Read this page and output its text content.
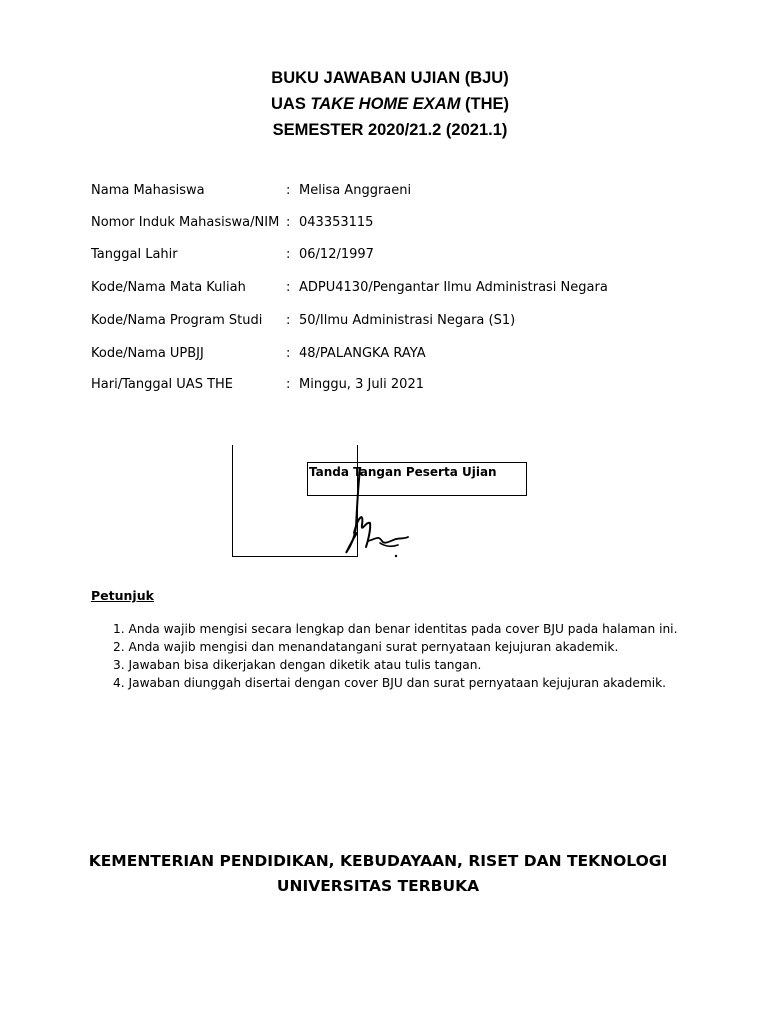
BUKU JAWABAN UJIAN (BJU)
UAS TAKE HOME EXAM (THE)
SEMESTER 2020/21.2 (2021.1)
Nama Mahasiswa	: Melisa Anggraeni
Nomor Induk Mahasiswa/NIM : 043353115
Tanggal Lahir	: 06/12/1997
Kode/Nama Mata Kuliah	: ADPU4130/Pengantar Ilmu Administrasi Negara
Kode/Nama Program Studi : 50/Ilmu Administrasi Negara (S1)
Kode/Nama UPBJJ	: 48/PALANGKA RAYA
Hari/Tanggal UAS THE	: Minggu, 3 Juli 2021
Tanda Tangan Peserta Ujian
Petunjuk
1. Anda wajib mengisi secara lengkap dan benar identitas pada cover BJU pada halaman ini.
2. Anda wajib mengisi dan menandatangani surat pernyataan kejujuran akademik.
3. Jawaban bisa dikerjakan dengan diketik atau tulis tangan.
4. Jawaban diunggah disertai dengan cover BJU dan surat pernyataan kejujuran akademik.
KEMENTERIAN PENDIDIKAN, KEBUDAYAAN, RISET DAN TEKNOLOGI
UNIVERSITAS TERBUKA
